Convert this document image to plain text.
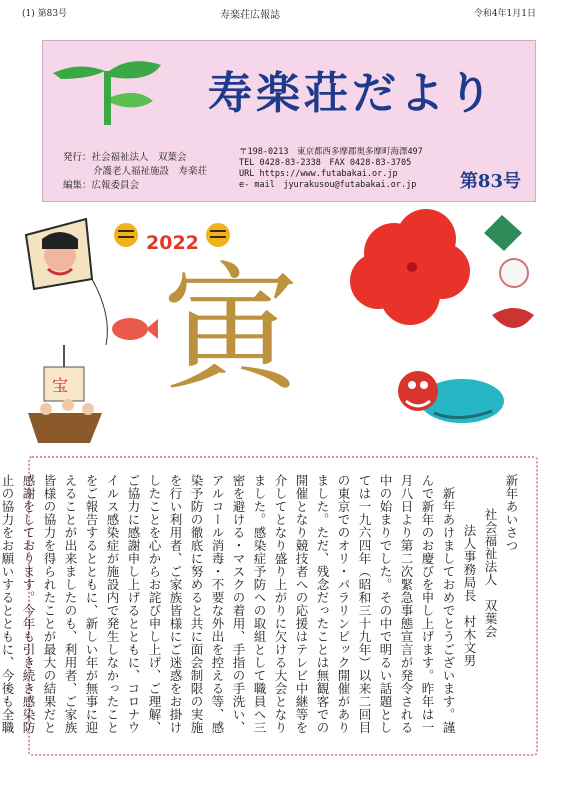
(1) 第83号	寿楽荘広報誌	令和4年1月1日
寿楽荘だより
発行：社会福祉法人　双葉会
介護老人福祉施設　寿楽荘
編集：広報委員会
〒198-0213　東京都西多摩郡奥多摩町海澤497
TEL 0428-83-2338　FAX 0428-83-3705
URL https://www.futabakai.or.jp
e- mail　jyurakusou@futabakai.or.jp	第83号
2022
寅
宝

新年あいさつ

社会福祉法人　双葉会

法人事務局長　村木文男

新年あけましておめでとうございます。謹んで新年のお慶びを申し上げます。昨年は一月八日より第二次緊急事態宣言が発令される中の始まりでした。その中で明るい話題としては一九六四年（昭和三十九年）以来二回目の東京でのオリ・パラリンピック開催がありました。ただ、残念だったことは無観客での開催となり競技者への応援はテレビ中継等を介してとなり盛り上がりに欠ける大会となりました。感染症予防への取組として職員へ三密を避ける・マスクの着用、手指の手洗い、アルコール消毒・不要な外出を控える等、感染予防の徹底に努めると共に面会制限の実施を行い利用者、ご家族皆様にご迷惑をお掛けしたことを心からお詫び申し上げ、ご理解、ご協力に感謝申し上げるとともに、コロナウイルス感染症が施設内で発生しなかったことをご報告するとともに、新しい年が無事に迎えることが出来ましたのも、利用者、ご家族皆様の協力を得られたことが最大の結果だと感謝をしております。今年も引き続き感染防止の協力をお願いするとともに、今後も全職
